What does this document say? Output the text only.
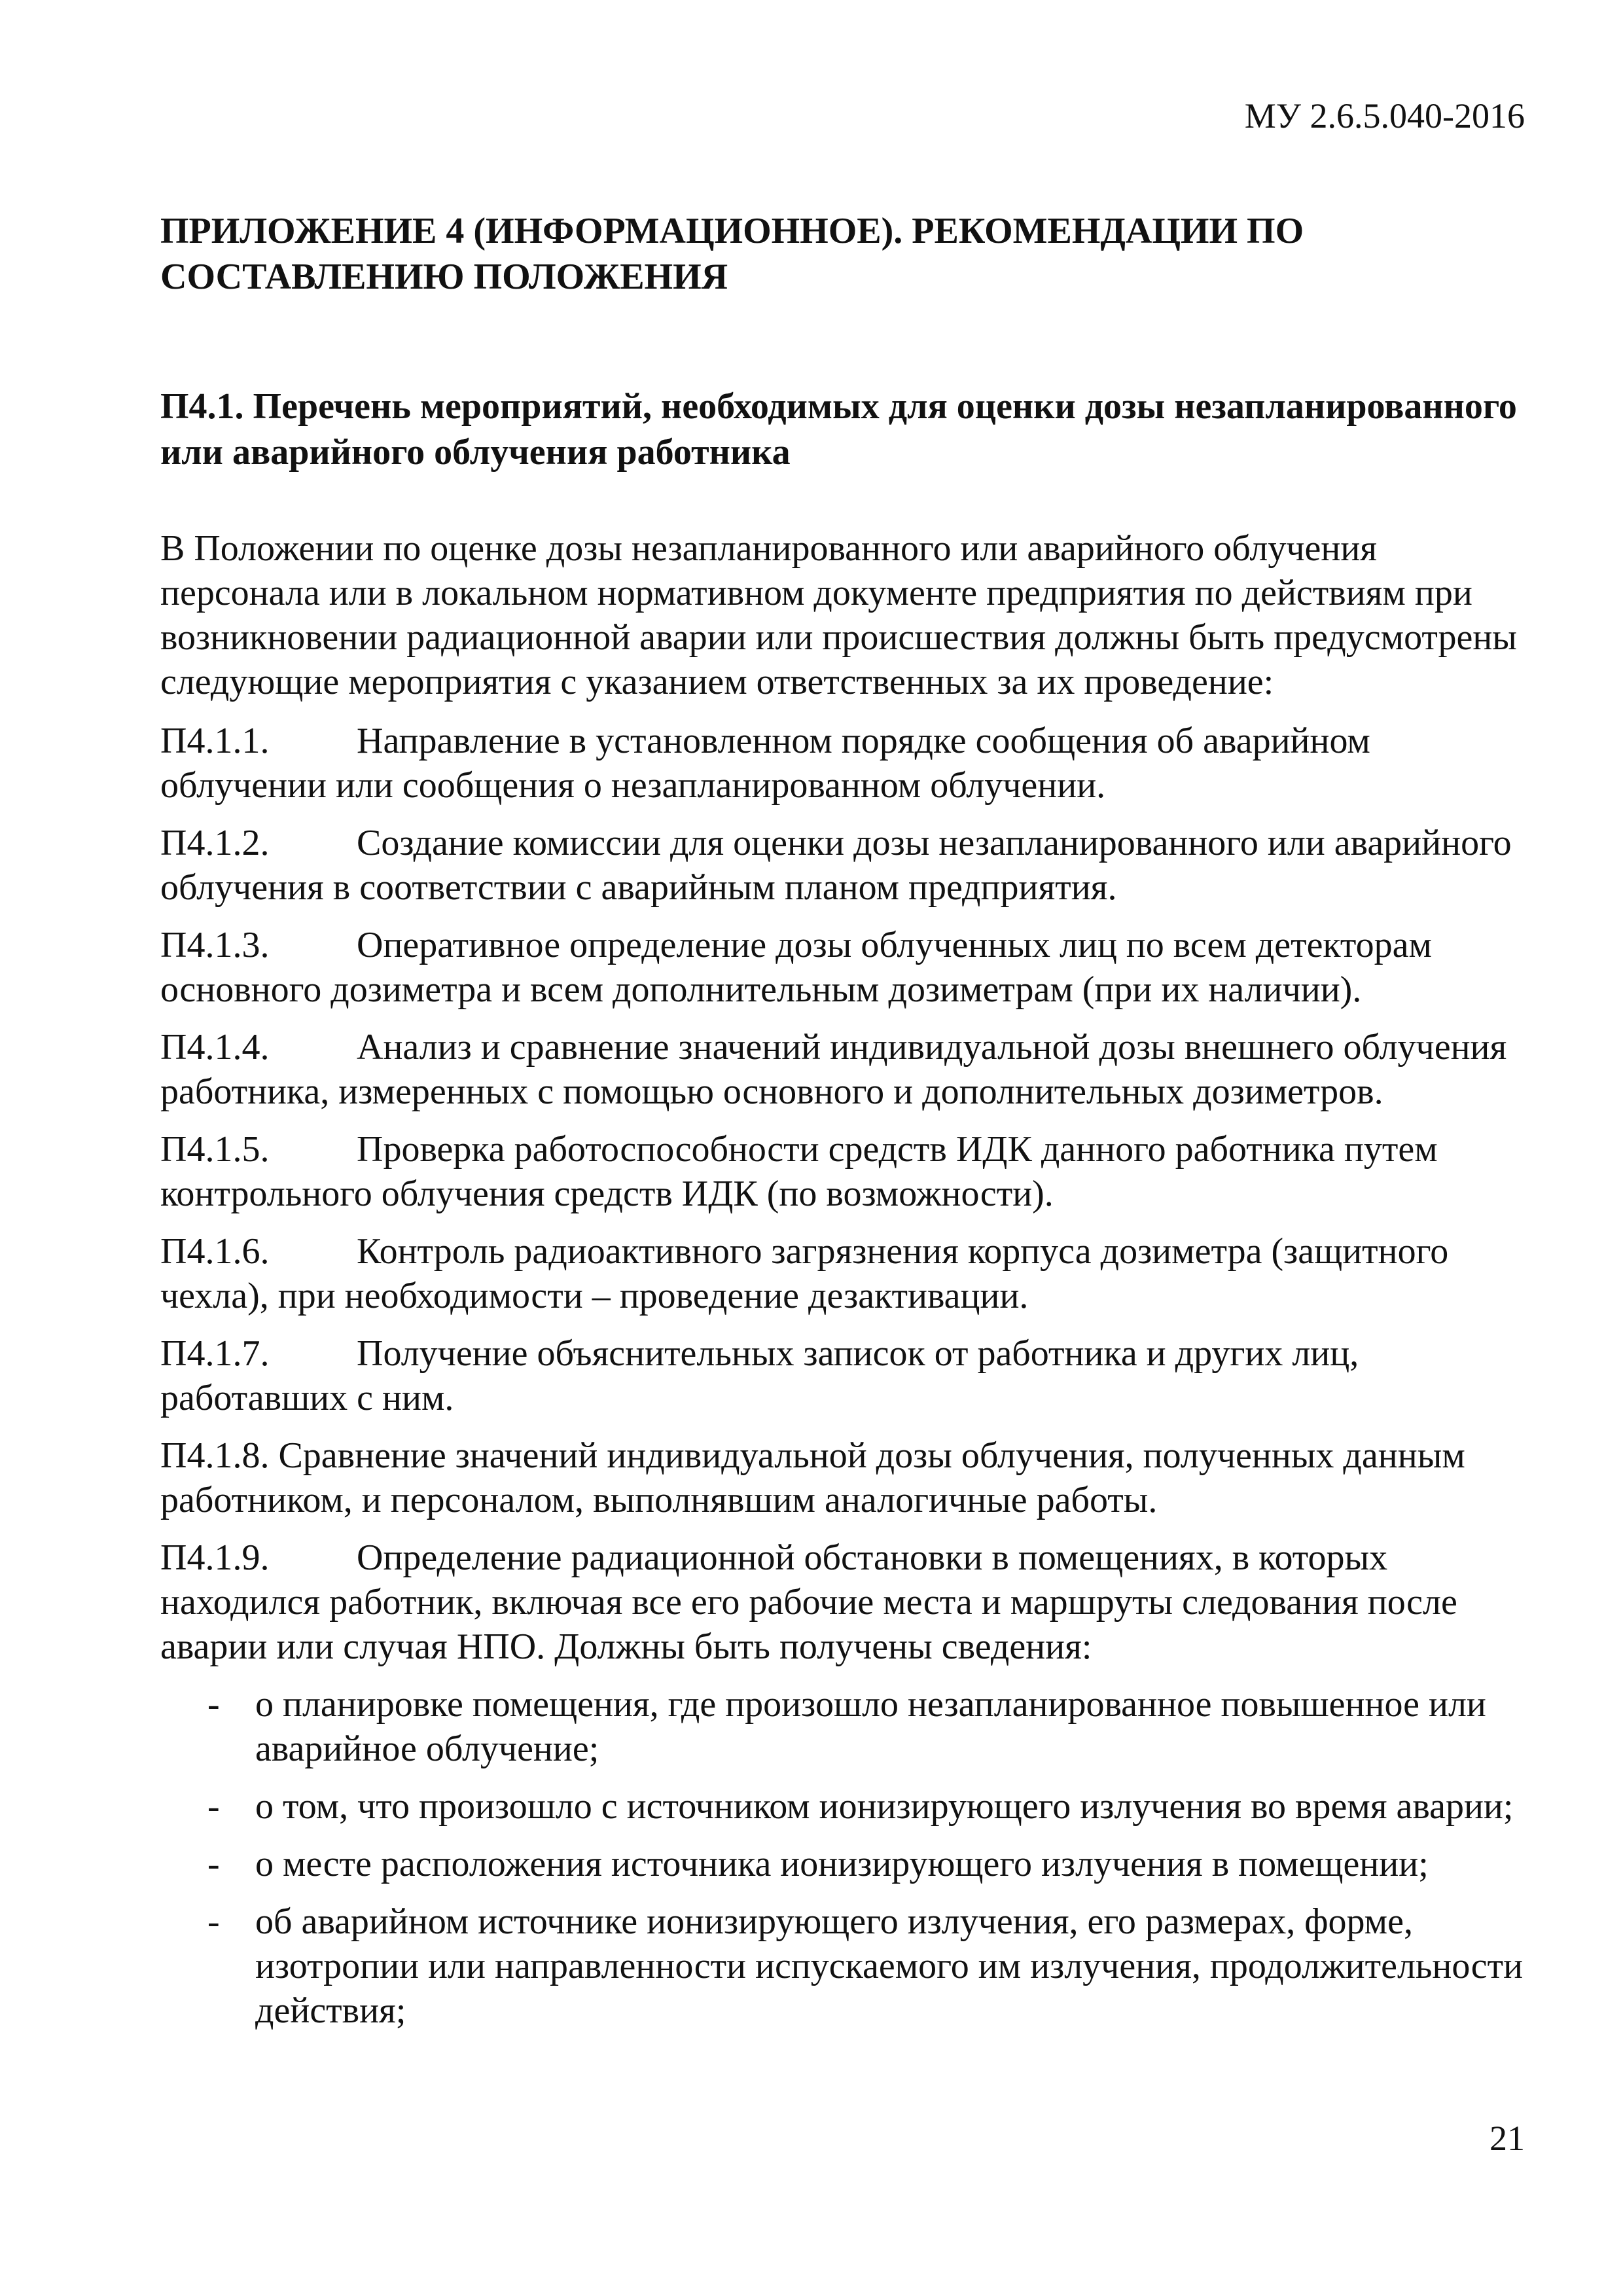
МУ 2.6.5.040-2016
ПРИЛОЖЕНИЕ 4 (ИНФОРМАЦИОННОЕ). РЕКОМЕНДАЦИИ ПО СОСТАВЛЕНИЮ ПОЛОЖЕНИЯ
П4.1. Перечень мероприятий, необходимых для оценки дозы незапланированного или аварийного облучения работника

В Положении по оценке дозы незапланированного или аварийного облучения персонала или в локальном нормативном документе предприятия по действиям при возникновении радиационной аварии или происшествия должны быть предусмотрены следующие мероприятия с указанием ответственных за их проведение:

П4.1.1. Направление в установленном порядке сообщения об аварийном облучении или сообщения о незапланированном облучении.

П4.1.2. Создание комиссии для оценки дозы незапланированного или аварийного облучения в соответствии с аварийным планом предприятия.

П4.1.3. Оперативное определение дозы облученных лиц по всем детекторам основного дозиметра и всем дополнительным дозиметрам (при их наличии).

П4.1.4. Анализ и сравнение значений индивидуальной дозы внешнего облучения работника, измеренных с помощью основного и дополнительных дозиметров.

П4.1.5. Проверка работоспособности средств ИДК данного работника путем контрольного облучения средств ИДК (по возможности).

П4.1.6. Контроль радиоактивного загрязнения корпуса дозиметра (защитного чехла), при необходимости – проведение дезактивации.

П4.1.7. Получение объяснительных записок от работника и других лиц, работавших с ним.

П4.1.8. Сравнение значений индивидуальной дозы облучения, полученных данным работником, и персоналом, выполнявшим аналогичные работы.

П4.1.9. Определение радиационной обстановки в помещениях, в которых находился работник, включая все его рабочие места и маршруты следования после аварии или случая НПО. Должны быть получены сведения:

- о планировке помещения, где произошло незапланированное повышенное или аварийное облучение;
- о том, что произошло с источником ионизирующего излучения во время аварии;
- о месте расположения источника ионизирующего излучения в помещении;
- об аварийном источнике ионизирующего излучения, его размерах, форме, изотропии или направленности испускаемого им излучения, продолжительности действия;
21
